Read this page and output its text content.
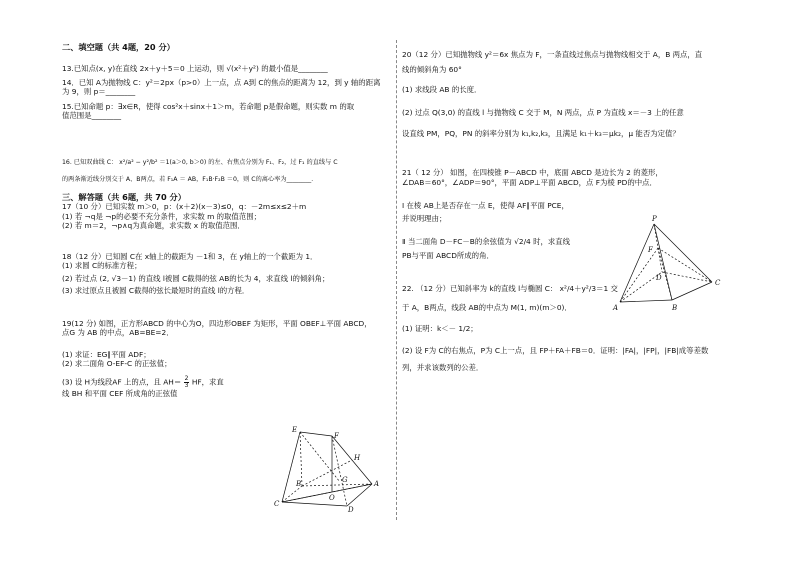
二、填空题（共 4题，20 分）

13.已知点(x, y)在直线 2x＋y＋5＝0 上运动，则 √(x²＋y²) 的最小值是________

14．已知 A为抛物线 C：y²＝2px（p>0）上一点，点 A到 C的焦点的距离为 12，到 y 轴的距离

为 9，则 p＝________

15.已知命题 p：∃x∈R，使得 cos²x＋sinx＋1＞m，若命题 p是假命题，则实数 m 的取

值范围是________

16. 已知双曲线 C： x²/a² − y²/b² ＝1(a＞0, b＞0) 的左、右焦点分别为 F₁、F₂，过 F₁ 的直线与 C

的两条渐近线分别交于 A、B两点，若 F₁A ＝ AB，F₁B·F₂B ＝0，则 C的离心率为________．

三、解答题（共 6题，共 70 分）

17（10 分）已知实数 m＞0，p：(x＋2)(x－3)≤0，q：－2m≤x≤2＋m

(1) 若 ¬q是 ¬p的必要不充分条件，求实数 m 的取值范围；

(2) 若 m＝2，¬p∧q为真命题，求实数 x 的取值范围．

18（12 分）已知圆 C在 x轴上的截距为 －1和 3，在 y轴上的一个截距为 1．

(1) 求圆 C的标准方程；

(2) 若过点 (2, √3－1) 的直线 l被圆 C截得的弦 AB的长为 4，求直线 l的倾斜角；

(3) 求过原点且被圆 C截得的弦长最短时的直线 l的方程．

19(12 分) 如图，正方形ABCD 的中心为O，四边形OBEF 为矩形，平面 OBEF⊥平面 ABCD，

点G 为 AB 的中点，AB=BE=2．

(1) 求证：EG∥平面 ADF；

(2) 求二面角 O-EF-C 的正弦值；

(3) 设 H为线段AF 上的点，且 $AH= \frac{2}{3}$ HF，求直

线 BH 和平面 CEF 所成角的正弦值

E
F
H
B	G	A
C
O
D

20（12 分）已知抛物线 y²＝6x 焦点为 F，一条直线过焦点与抛物线相交于 A，B 两点，直

线的倾斜角为 60°

(1) 求线段 AB 的长度．

(2) 过点 Q(3,0) 的直线 l 与抛物线 C 交于 M，N 两点，点 P 为直线 x＝－3 上的任意

设直线 PM，PQ，PN 的斜率分别为 k₁,k₂,k₃，且满足 k₁＋k₃＝μk₂，μ 能否为定值？

21（ 12 分） 如图，在四棱锥 P－ABCD 中，底面 ABCD 是边长为 2 的菱形，

∠DAB＝60°，∠ADP＝90°，平面 ADP⊥平面 ABCD，点 F为棱 PD的中点．

Ⅰ 在棱 AB上是否存在一点 E，使得 AF∥平面 PCE，

并说明理由；

Ⅱ 当二面角 D－FC－B的余弦值为 √2/4 时，求直线

PB与平面 ABCD所成的角．

22. （12 分）已知斜率为 k的直线 l与椭圆 C： x²/4＋y²/3＝1 交

于 A，B两点，线段 AB的中点为 M(1, m)(m＞0)．

(1) 证明：k＜－ 1/2；

(2) 设 F为 C的右焦点，P为 C上一点，且 FP＋FA＋FB＝0．证明：|FA|，|FP|，|FB|成等差数

列，并求该数列的公差．

P
F
D
C
A	B
